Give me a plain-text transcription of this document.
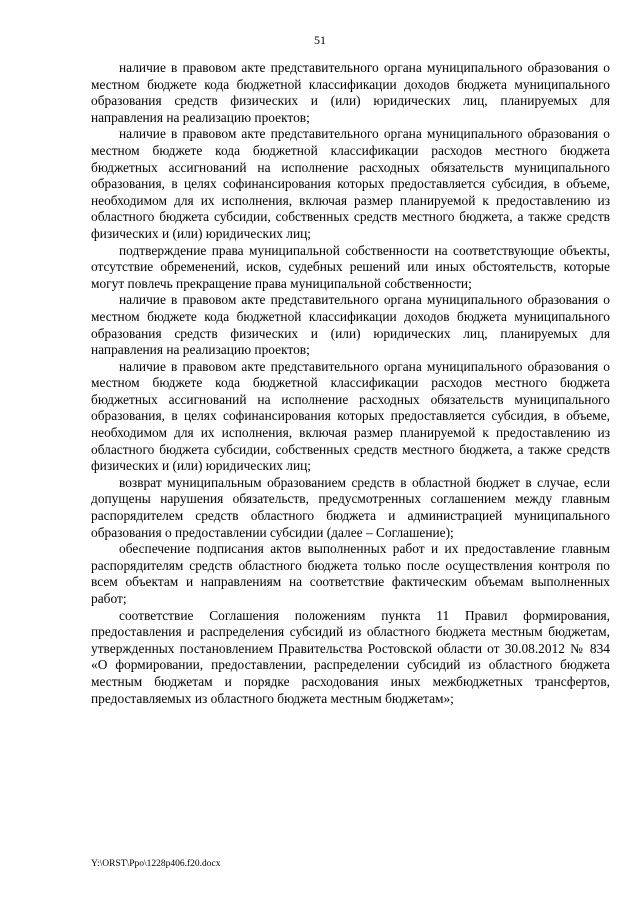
51

наличие в правовом акте представительного органа муниципального образования о местном бюджете кода бюджетной классификации доходов бюджета муниципального образования средств физических и (или) юридических лиц, планируемых для направления на реализацию проектов;

наличие в правовом акте представительного органа муниципального образования о местном бюджете кода бюджетной классификации расходов местного бюджета бюджетных ассигнований на исполнение расходных обязательств муниципального образования, в целях софинансирования которых предоставляется субсидия, в объеме, необходимом для их исполнения, включая размер планируемой к предоставлению из областного бюджета субсидии, собственных средств местного бюджета, а также средств физических и (или) юридических лиц;

подтверждение права муниципальной собственности на соответствующие объекты, отсутствие обременений, исков, судебных решений или иных обстоятельств, которые могут повлечь прекращение права муниципальной собственности;

наличие в правовом акте представительного органа муниципального образования о местном бюджете кода бюджетной классификации доходов бюджета муниципального образования средств физических и (или) юридических лиц, планируемых для направления на реализацию проектов;

наличие в правовом акте представительного органа муниципального образования о местном бюджете кода бюджетной классификации расходов местного бюджета бюджетных ассигнований на исполнение расходных обязательств муниципального образования, в целях софинансирования которых предоставляется субсидия, в объеме, необходимом для их исполнения, включая размер планируемой к предоставлению из областного бюджета субсидии, собственных средств местного бюджета, а также средств физических и (или) юридических лиц;

возврат муниципальным образованием средств в областной бюджет в случае, если допущены нарушения обязательств, предусмотренных соглашением между главным распорядителем средств областного бюджета и администрацией муниципального образования о предоставлении субсидии (далее – Соглашение);

обеспечение подписания актов выполненных работ и их предоставление главным распорядителям средств областного бюджета только после осуществления контроля по всем объектам и направлениям на соответствие фактическим объемам выполненных работ;

соответствие Соглашения положениям пункта 11 Правил формирования, предоставления и распределения субсидий из областного бюджета местным бюджетам, утвержденных постановлением Правительства Ростовской области от 30.08.2012 № 834 «О формировании, предоставлении, распределении субсидий из областного бюджета местным бюджетам и порядке расходования иных межбюджетных трансфертов, предоставляемых из областного бюджета местным бюджетам»;

Y:\ORST\Ppo\1228p406.f20.docx
